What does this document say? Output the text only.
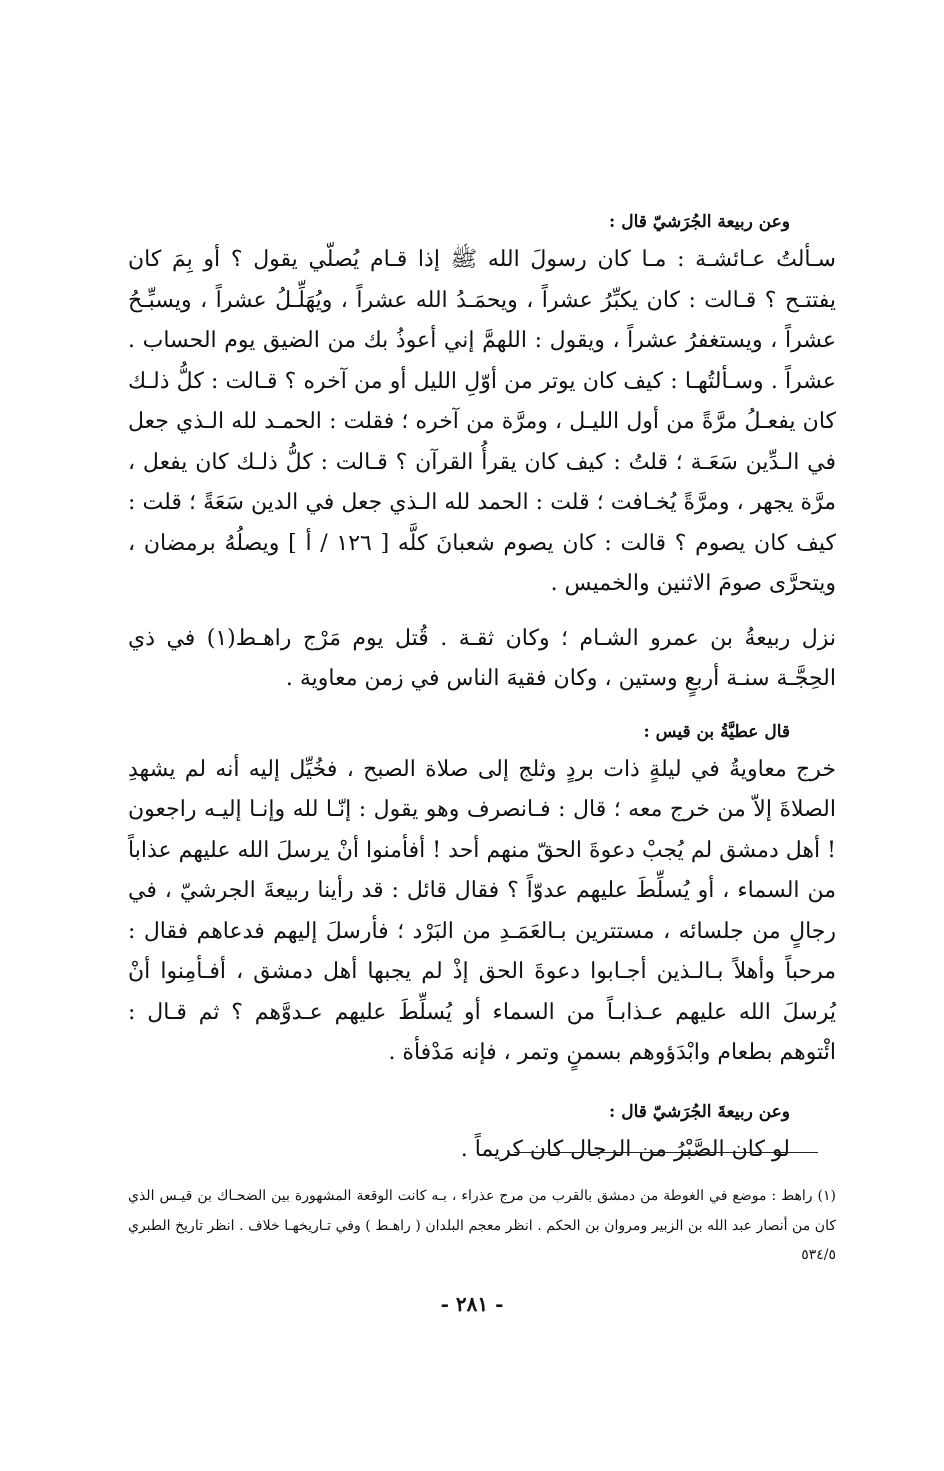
وعن ربيعة الجُرَشيّ قال :

سـألتُ عـائشـة : مـا كان رسولَ الله ﷺ إذا قـام يُصلّي يقول ؟ أو بِمَ كان يفتتـح ؟ قـالت : كان يكبِّرُ عشراً ، ويحمَـدُ الله عشراً ، ويُهَلِّـلُ عشراً ، ويسبِّـحُ عشراً ، ويستغفرُ عشراً ، ويقول : اللهمَّ إني أعوذُ بك من الضيق يوم الحساب . عشراً . وسـألتُهـا : كيف كان يوتر من أوّلِ الليل أو من آخره ؟ قـالت : كلُّ ذلـك كان يفعـلُ مرَّةً من أول الليـل ، ومرَّة من آخره ؛ فقلت : الحمـد لله الـذي جعل في الـدِّين سَعَـة ؛ قلتُ : كيف كان يقرأُ القرآن ؟ قـالت : كلُّ ذلـك كان يفعل ، مرَّة يجهر ، ومرَّةً يُخـافت ؛ قلت : الحمد لله الـذي جعل في الدين سَعَةً ؛ قلت : كيف كان يصوم ؟ قالت : كان يصوم شعبانَ كلَّه [ ١٢٦ / أ ] ويصلُهُ برمضان ، ويتحرَّى صومَ الاثنين والخميس .

نزل ربيعةُ بن عمرو الشـام ؛ وكان ثقـة . قُتل يوم مَرْج راهـط(١) في ذي الحِجَّـة سنـة أربعٍ وستين ، وكان فقيهَ الناس في زمن معاوية .

قال عطيَّةُ بن قيس :

خرج معاويةُ في ليلةٍ ذات بردٍ وثلج إلى صلاة الصبح ، فخُيِّل إليه أنه لم يشهدِ الصلاةَ إلاّ من خرج معه ؛ قال : فـانصرف وهو يقول : إنّـا لله وإنـا إليـه راجعون ! أهل دمشق لم يُجبْ دعوةَ الحقّ منهم أحد ! أفأمنوا أنْ يرسلَ الله عليهم عذاباً من السماء ، أو يُسلِّطَ عليهم عدوّاً ؟ فقال قائل : قد رأينا ربيعةَ الجرشيّ ، في رجالٍ من جلسائه ، مستترين بـالعَمَـدِ من البَرْد ؛ فأرسلَ إليهم فدعاهم فقال : مرحباً وأهلاً بـالـذين أجـابوا دعوةَ الحق إذْ لم يجبها أهل دمشق ، أفـأمِنوا أنْ يُرسلَ الله عليهم عـذابـاً من السماء أو يُسلِّطَ عليهم عـدوَّهم ؟ ثم قـال : ائْتوهم بطعام وابْدَؤوهم بسمنٍ وتمر ، فإنه مَدْفأة .

وعن ربيعةَ الجُرَشيّ قال :

لو كان الصَّبْرُ من الرجال كان كريماً .

(١) راهط : موضع في الغوطة من دمشق بالقرب من مرج عذراء ، بـه كانت الوقعة المشهورة بين الضحـاك بن قيـس الذي كان من أنصار عبد الله بن الزبير ومروان بن الحكم . انظر معجم البلدان ( راهـط ) وفي تـاريخهـا خلاف . انظر تاريخ الطبري ٥٣٤/٥

- ٢٨١ -
